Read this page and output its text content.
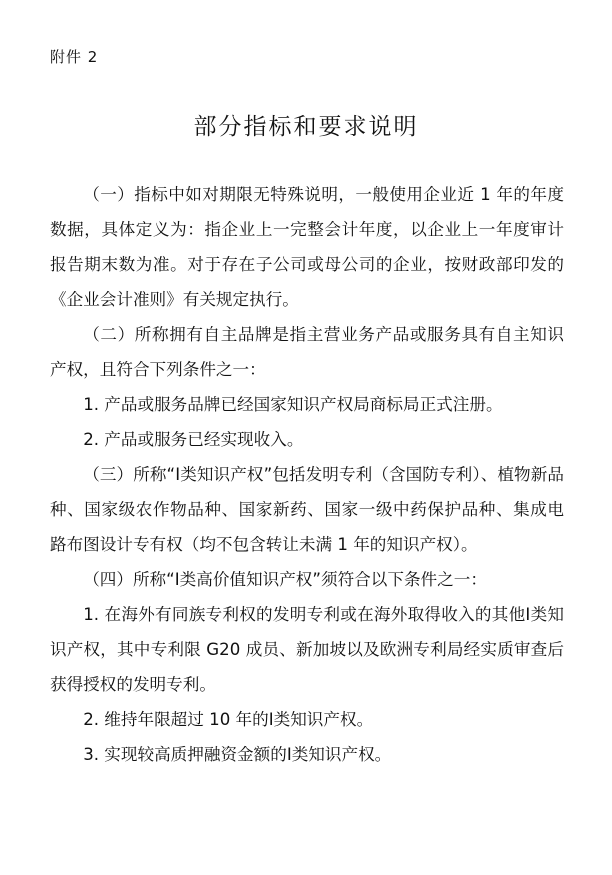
附件 2
部分指标和要求说明

（一）指标中如对期限无特殊说明，一般使用企业近 1 年的年度数据，具体定义为：指企业上一完整会计年度，以企业上一年度审计报告期末数为准。对于存在子公司或母公司的企业，按财政部印发的《企业会计准则》有关规定执行。

（二）所称拥有自主品牌是指主营业务产品或服务具有自主知识产权，且符合下列条件之一：

1. 产品或服务品牌已经国家知识产权局商标局正式注册。

2. 产品或服务已经实现收入。

（三）所称“Ⅰ类知识产权”包括发明专利（含国防专利）、植物新品种、国家级农作物品种、国家新药、国家一级中药保护品种、集成电路布图设计专有权（均不包含转让未满 1 年的知识产权）。

（四）所称“Ⅰ类高价值知识产权”须符合以下条件之一：

1. 在海外有同族专利权的发明专利或在海外取得收入的其他Ⅰ类知识产权，其中专利限 G20 成员、新加坡以及欧洲专利局经实质审查后获得授权的发明专利。

2. 维持年限超过 10 年的Ⅰ类知识产权。

3. 实现较高质押融资金额的Ⅰ类知识产权。
